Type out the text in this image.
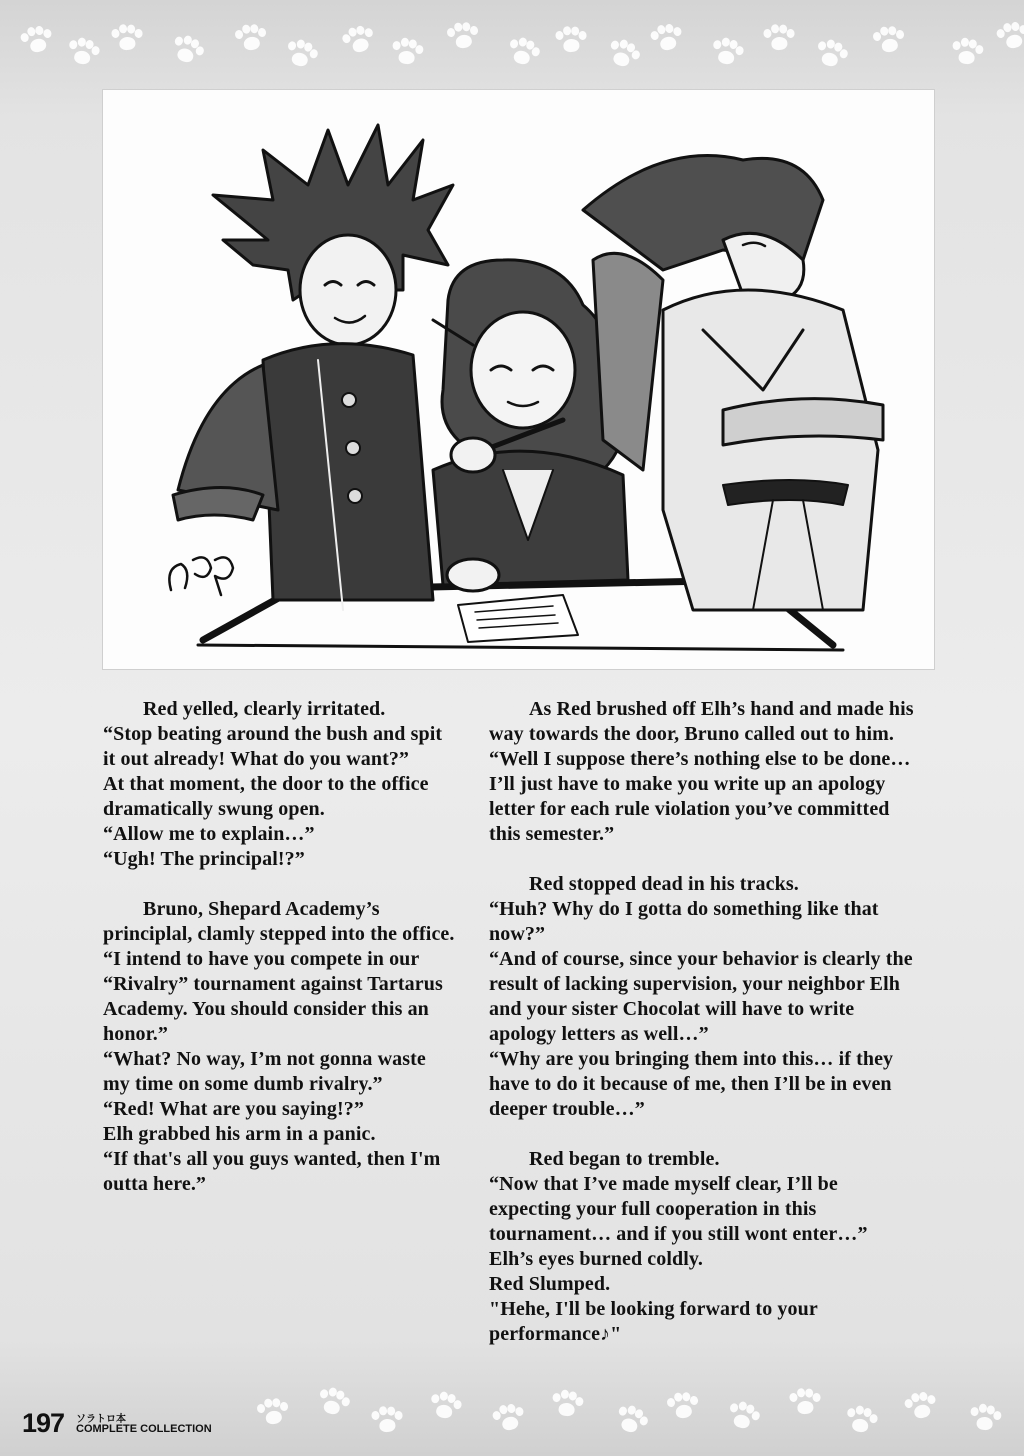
Red yelled, clearly irritated.

“Stop beating around the bush and spit

it out already! What do you want?”

At that moment, the door to the office

dramatically swung open.

“Allow me to explain…”

“Ugh! The principal!?”

Bruno, Shepard Academy’s

principlal, clamly stepped into the office.

“I intend to have you compete in our

“Rivalry” tournament against Tartarus

Academy. You should consider this an

honor.”

“What? No way, I’m not gonna waste

my time on some dumb rivalry.”

“Red! What are you saying!?”

Elh grabbed his arm in a panic.

“If that's all you guys wanted, then I'm

outta here.”

As Red brushed off Elh’s hand and made his

way towards the door, Bruno called out to him.

“Well I suppose there’s nothing else to be done…

I’ll just have to make you write up an apology

letter for each rule violation you’ve committed

this semester.”

Red stopped dead in his tracks.

“Huh? Why do I gotta do something like that

now?”

“And of course, since your behavior is clearly the

result of lacking supervision, your neighbor Elh

and your sister Chocolat will have to write

apology letters as well…”

“Why are you bringing them into this… if they

have to do it because of me, then I’ll be in even

deeper trouble…”

Red began to tremble.

“Now that I’ve made myself clear, I’ll be

expecting your full cooperation in this

tournament… and if you still wont enter…”

Elh’s eyes burned coldly.

Red Slumped.

"Hehe, I'll be looking forward to your

performance♪"

197 ソラトロ本
COMPLETE COLLECTION
